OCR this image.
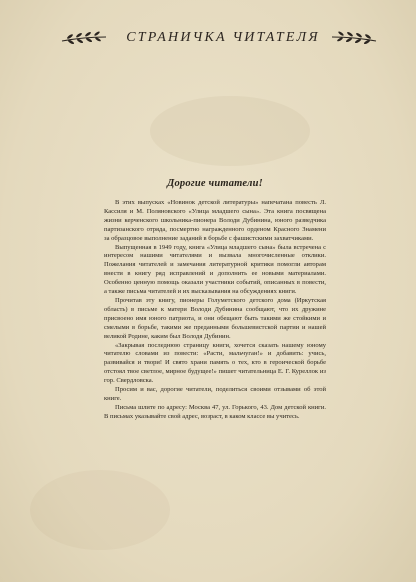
СТРАНИЧКА ЧИТАТЕЛЯ
Дорогие читатели!

В этих выпусках «Новинок детской литературы» напечатана повесть Л. Кассиля и М. Поляновского «Улица младшего сына». Эта книга посвящена жизни керченского школьника-пионера Володи Дубинина, юного разведчика партизанского отряда, посмертно награжденного орденом Красного Знамени за образцовое выполнение заданий в борьбе с фашистскими захватчиками.

Выпущенная в 1949 году, книга «Улица младшего сына» была встречена с интересом нашими читателями и вызвала многочисленные отклики. Пожелания читателей и замечания литературной критики помогли авторам внести в книгу ряд исправлений и дополнить ее новыми материалами. Особенно ценную помощь оказали участники событий, описанных в повести, а также письма читателей и их высказывания на обсуждениях книги.

Прочитав эту книгу, пионеры Голуметского детского дома (Иркутская область) в письме к матери Володи Дубинина сообщают, что их дружине присвоено имя юного патриота, и они обещают быть такими же стойкими и смелыми в борьбе, такими же преданными большевистской партии и нашей великой Родине, каким был Володя Дубинин.

«Закрывая последнюю страницу книги, хочется сказать нашему юному читателю словами из повести: «Расти, мальчуган!» и добавить: учись, развивайся и твори! И свято храни память о тех, кто в героической борьбе отстоял твое светлое, мирное будущее!» пишет читательница Е. Г. Куреллок из гор. Свердловска.

Просим и вас, дорогие читатели, поделиться своими отзывами об этой книге.

Письма шлите по адресу: Москва 47, ул. Горького, 43. Дом детской книги. В письмах указывайте свой адрес, возраст, в каком классе вы учитесь.
